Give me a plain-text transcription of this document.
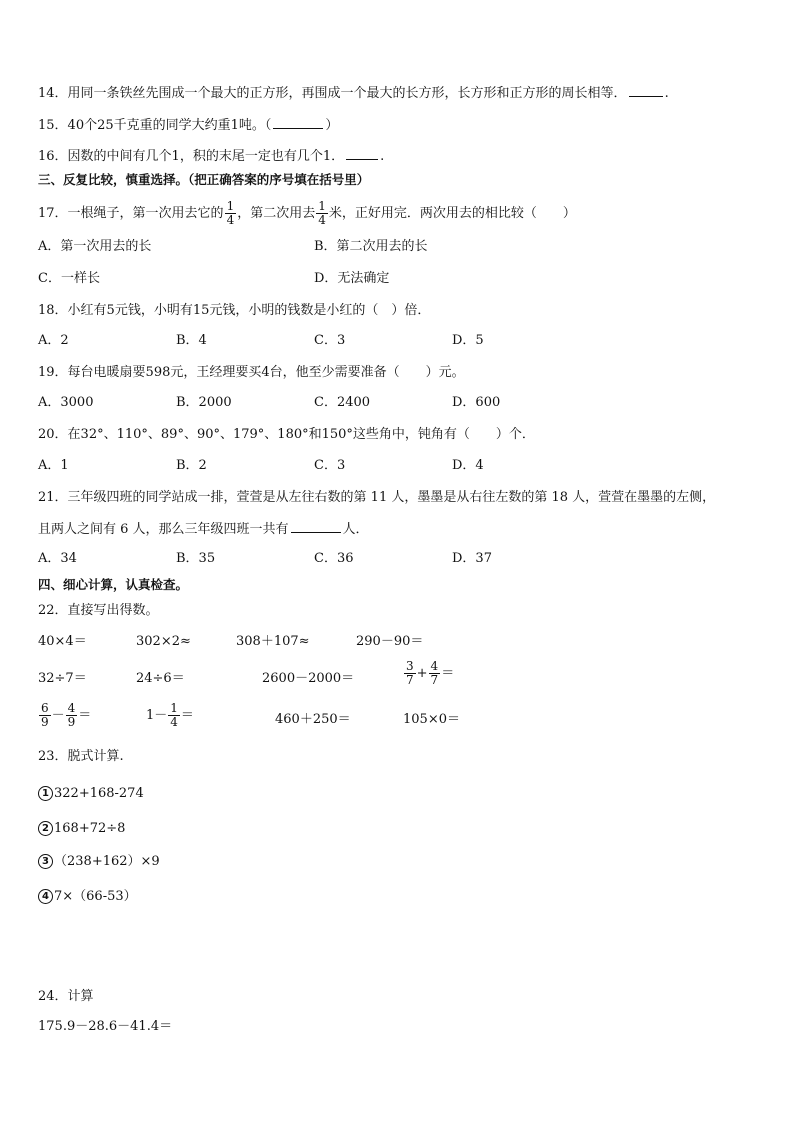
14．用同一条铁丝先围成一个最大的正方形，再围成一个最大的长方形，长方形和正方形的周长相等．	.
15．40个25千克重的同学大约重1吨。（	）
16．因数的中间有几个1，积的末尾一定也有几个1．	.
三、反复比较，慎重选择。（把正确答案的序号填在括号里）
17．一根绳子，第一次用去它的 $\frac{1}{4}$ ，第二次用去 $\frac{1}{4}$ 米，正好用完．两次用去的相比较（　　）
A．第一次用去的长	B．第二次用去的长
C．一样长	D．无法确定
18．小红有5元钱，小明有15元钱，小明的钱数是小红的（　）倍．
A．2	B．4	C．3	D．5
19．每台电暖扇要598元，王经理要买4台，他至少需要准备（　　）元。
A．3000	B．2000	C．2400	D．600
20．在32°、110°、89°、90°、179°、180°和150°这些角中，钝角有（　　）个．
A．1	B．2	C．3	D．4
21．三年级四班的同学站成一排，萱萱是从左往右数的第 11 人，墨墨是从右往左数的第 18 人，萱萱在墨墨的左侧，
且两人之间有 6 人，那么三年级四班一共有	人．
A．34	B．35	C．36	D．37
四、细心计算，认真检查。
22．直接写出得数。
40×4＝	302×2≈	308＋107≈	290－90＝
32÷7＝	24÷6＝	2600－2000＝	$\frac{3}{7} + \frac{4}{7}$ ＝
$\frac{6}{9} - \frac{4}{9}$ ＝	$1- \frac{1}{4}$ ＝	460＋250＝	105×0＝
23．脱式计算.
1 322+168-274
2 168+72÷8
3 （238+162）×9
4 7×（66-53）
24．计算
175.9－28.6－41.4＝
